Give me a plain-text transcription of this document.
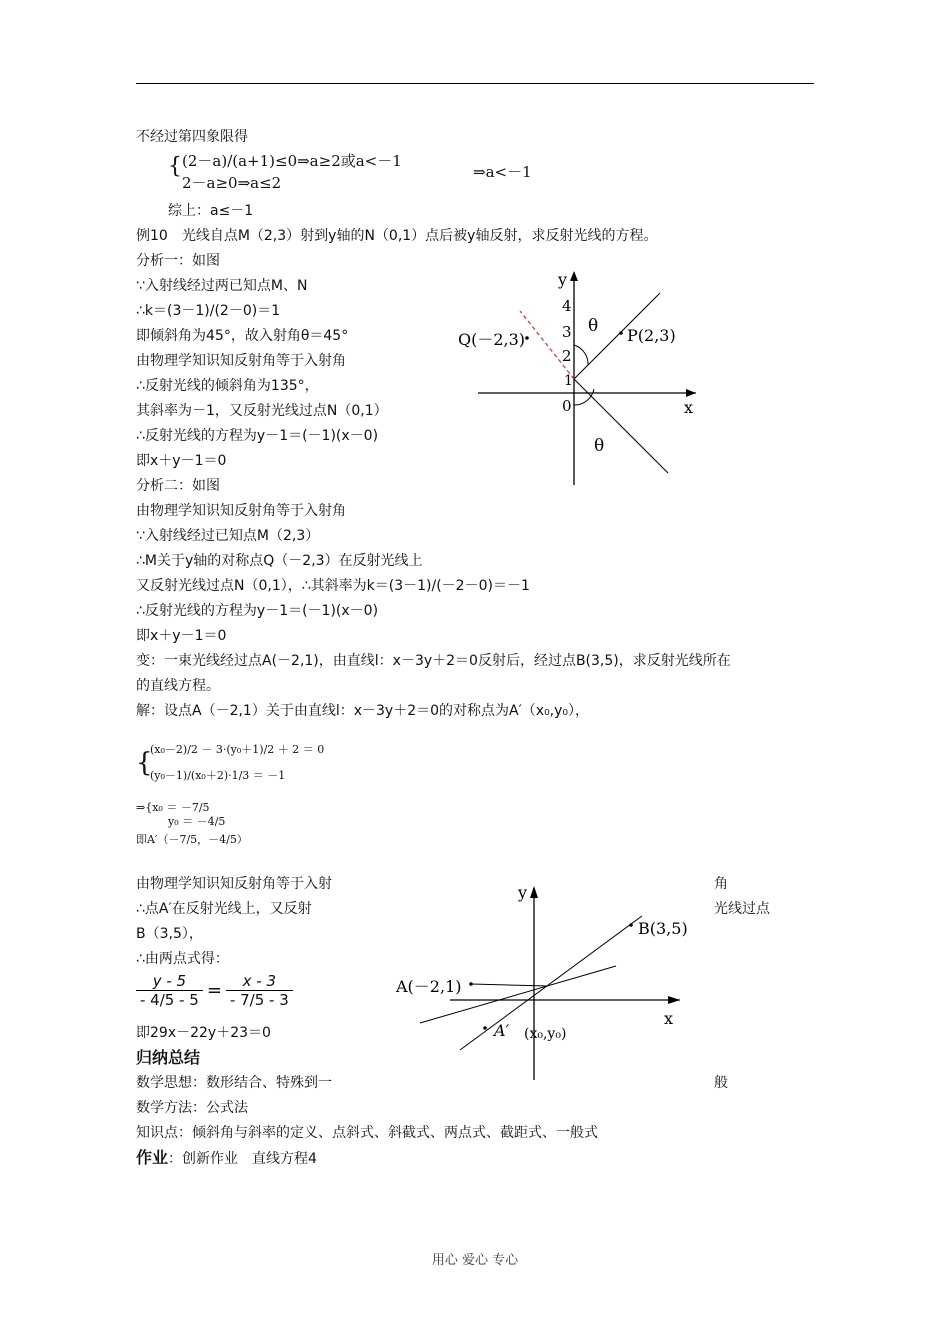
不经过第四象限得
{ (2－a)/(a+1)≤0⇒a≥2或a<－1
2－a≥0⇒a≤2
⇒a<－1
综上：a≤－1
例10　光线自点M（2,3）射到y轴的N（0,1）点后被y轴反射，求反射光线的方程。
分析一：如图
∵入射线经过两已知点M、N
∴k＝(3－1)/(2－0)＝1
即倾斜角为45°，故入射角θ＝45°
由物理学知识知反射角等于入射角
∴反射光线的倾斜角为135°，
其斜率为－1，又反射光线过点N（0,1）
∴反射光线的方程为y－1＝(－1)(x－0)
即x＋y－1＝0
分析二：如图
由物理学知识知反射角等于入射角
∵入射线经过已知点M（2,3）
∴M关于y轴的对称点Q（－2,3）在反射光线上
又反射光线过点N（0,1），∴其斜率为k＝(3－1)/(－2－0)＝－1
∴反射光线的方程为y－1＝(－1)(x－0)
即x＋y－1＝0
变：一束光线经过点A(－2,1)，由直线l：x－3y＋2＝0反射后，经过点B(3,5)，求反射光线所在
的直线方程。
解：设点A（－2,1）关于由直线l：x－3y＋2＝0的对称点为A′（x₀,y₀），
{
(x₀－2)/2 － 3·(y₀＋1)/2 ＋ 2 ＝ 0
(y₀－1)/(x₀＋2)·1/3 ＝ －1
⇒{x₀ ＝ －7/5
y₀ ＝ －4/5
即A′（－7/5，－4/5）
由物理学知识知反射角等于入射	角
∴点A′在反射光线上，又反射	光线过点
B（3,5），
∴由两点式得：
$\frac{y - 5}{- 4/5 - 5} = \frac{x - 3}{- 7/5 - 3}$
即29x－22y＋23＝0
归纳总结
数学思想：数形结合、特殊到一	般
数学方法：公式法
知识点：倾斜角与斜率的定义、点斜式、斜截式、两点式、截距式、一般式
作业：创新作业　直线方程4
y
x
4
3
2
1
0
θ
θ
P(2,3)
Q(－2,3)
y
x
A(－2,1)
B(3,5)
A′ (x₀,y₀)
用心 爱心 专心
